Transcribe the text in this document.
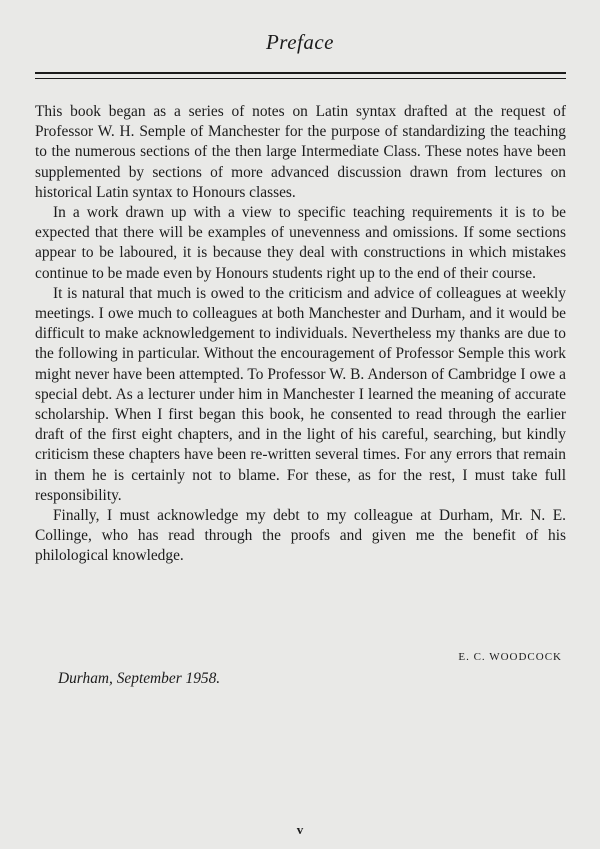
Preface

This book began as a series of notes on Latin syntax drafted at the request of Professor W. H. Semple of Manchester for the purpose of standardizing the teaching to the numerous sections of the then large Intermediate Class. These notes have been supplemented by sections of more advanced discussion drawn from lectures on historical Latin syntax to Honours classes.

In a work drawn up with a view to specific teaching requirements it is to be expected that there will be examples of unevenness and omissions. If some sections appear to be laboured, it is because they deal with constructions in which mistakes continue to be made even by Honours students right up to the end of their course.

It is natural that much is owed to the criticism and advice of colleagues at weekly meetings. I owe much to colleagues at both Manchester and Durham, and it would be difficult to make acknowledgement to individuals. Nevertheless my thanks are due to the following in particular. Without the encouragement of Professor Semple this work might never have been attempted. To Professor W. B. Anderson of Cambridge I owe a special debt. As a lecturer under him in Manchester I learned the meaning of accurate scholarship. When I first began this book, he consented to read through the earlier draft of the first eight chapters, and in the light of his careful, searching, but kindly criticism these chapters have been re-written several times. For any errors that remain in them he is certainly not to blame. For these, as for the rest, I must take full responsibility.

Finally, I must acknowledge my debt to my colleague at Durham, Mr. N. E. Collinge, who has read through the proofs and given me the benefit of his philological knowledge.

E. C. WOODCOCK
Durham, September 1958.
v
